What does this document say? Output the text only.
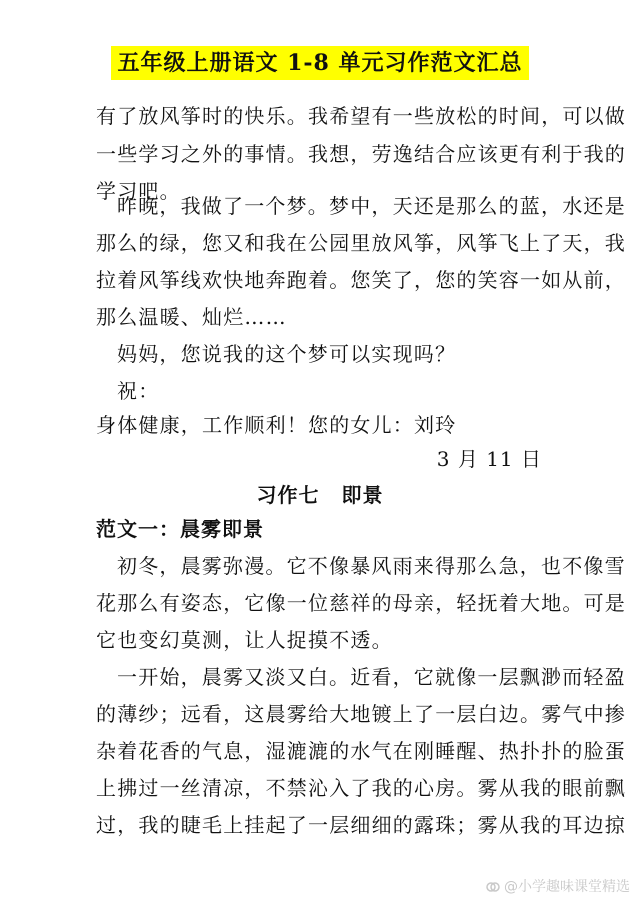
五年级上册语文 1-8 单元习作范文汇总
有了放风筝时的快乐。我希望有一些放松的时间，可以做
一些学习之外的事情。我想，劳逸结合应该更有利于我的
学习吧。
昨晚，我做了一个梦。梦中，天还是那么的蓝，水还是
那么的绿，您又和我在公园里放风筝，风筝飞上了天，我
拉着风筝线欢快地奔跑着。您笑了，您的笑容一如从前，
那么温暖、灿烂……
妈妈，您说我的这个梦可以实现吗？
祝：
身体健康，工作顺利！您的女儿：刘玲
习作七 即景
范文一：晨雾即景
初冬，晨雾弥漫。它不像暴风雨来得那么急，也不像雪
花那么有姿态，它像一位慈祥的母亲，轻抚着大地。可是
它也变幻莫测，让人捉摸不透。
一开始，晨雾又淡又白。近看，它就像一层飘渺而轻盈
的薄纱；远看，这晨雾给大地镀上了一层白边。雾气中掺
杂着花香的气息，湿漉漉的水气在刚睡醒、热扑扑的脸蛋
上拂过一丝清凉，不禁沁入了我的心房。雾从我的眼前飘
过，我的睫毛上挂起了一层细细的露珠；雾从我的耳边掠
@小学趣味课堂精选
3 月 11 日
